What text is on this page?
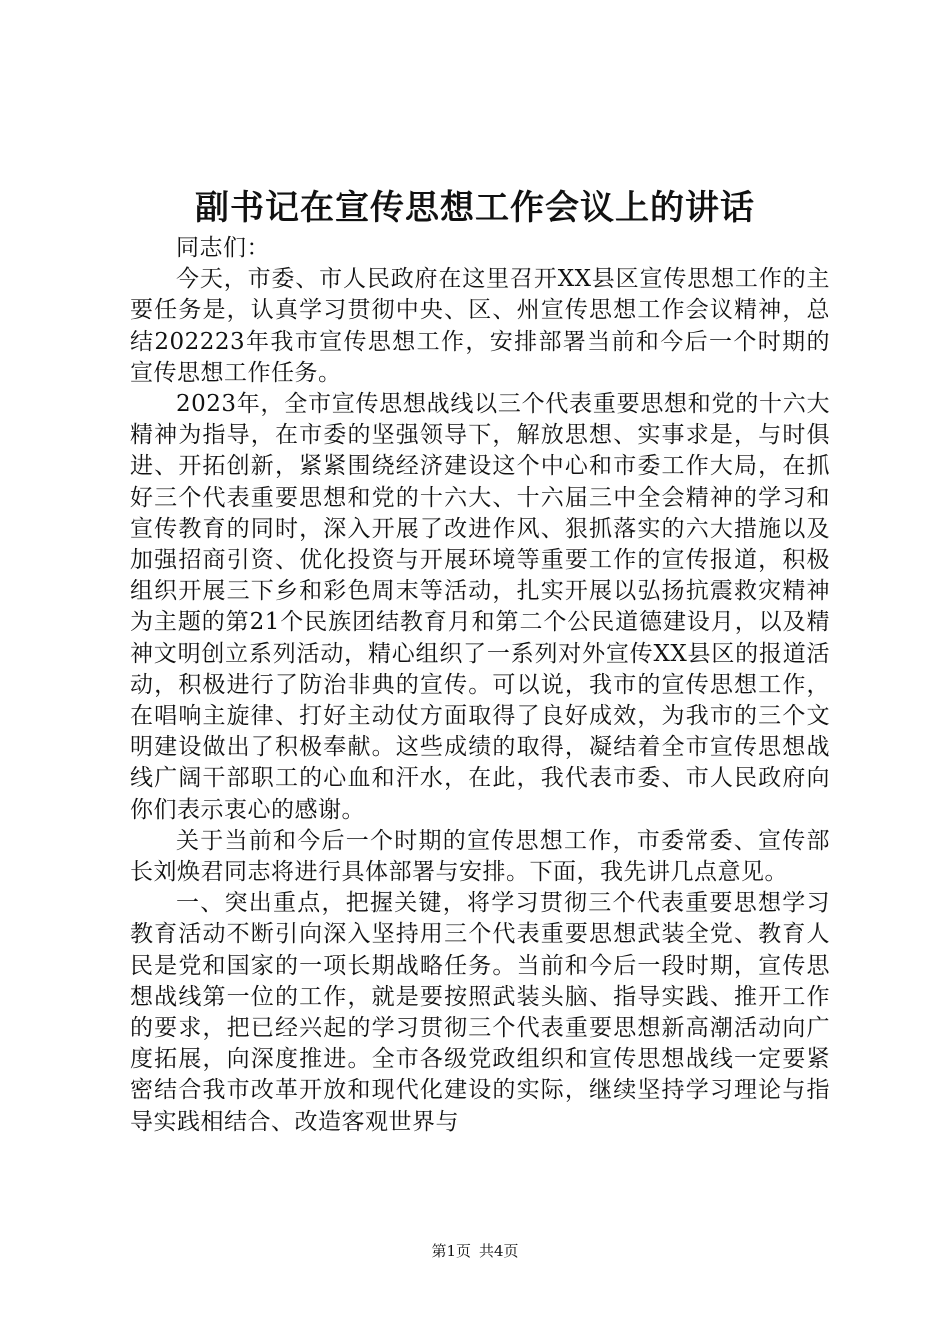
副书记在宣传思想工作会议上的讲话

同志们：

今天，市委、市人民政府在这里召开XX县区宣传思想工作的主要任务是，认真学习贯彻中央、区、州宣传思想工作会议精神，总结202223年我市宣传思想工作，安排部署当前和今后一个时期的宣传思想工作任务。

2023年，全市宣传思想战线以三个代表重要思想和党的十六大精神为指导，在市委的坚强领导下，解放思想、实事求是，与时俱进、开拓创新，紧紧围绕经济建设这个中心和市委工作大局，在抓好三个代表重要思想和党的十六大、十六届三中全会精神的学习和宣传教育的同时，深入开展了改进作风、狠抓落实的六大措施以及加强招商引资、优化投资与开展环境等重要工作的宣传报道，积极组织开展三下乡和彩色周末等活动，扎实开展以弘扬抗震救灾精神为主题的第21个民族团结教育月和第二个公民道德建设月，以及精神文明创立系列活动，精心组织了一系列对外宣传XX县区的报道活动，积极进行了防治非典的宣传。可以说，我市的宣传思想工作，在唱响主旋律、打好主动仗方面取得了良好成效，为我市的三个文明建设做出了积极奉献。这些成绩的取得，凝结着全市宣传思想战线广阔干部职工的心血和汗水，在此，我代表市委、市人民政府向你们表示衷心的感谢。

关于当前和今后一个时期的宣传思想工作，市委常委、宣传部长刘焕君同志将进行具体部署与安排。下面，我先讲几点意见。

一、突出重点，把握关键，将学习贯彻三个代表重要思想学习教育活动不断引向深入坚持用三个代表重要思想武装全党、教育人民是党和国家的一项长期战略任务。当前和今后一段时期，宣传思想战线第一位的工作，就是要按照武装头脑、指导实践、推开工作的要求，把已经兴起的学习贯彻三个代表重要思想新高潮活动向广度拓展，向深度推进。全市各级党政组织和宣传思想战线一定要紧密结合我市改革开放和现代化建设的实际，继续坚持学习理论与指导实践相结合、改造客观世界与

第1页 共4页
